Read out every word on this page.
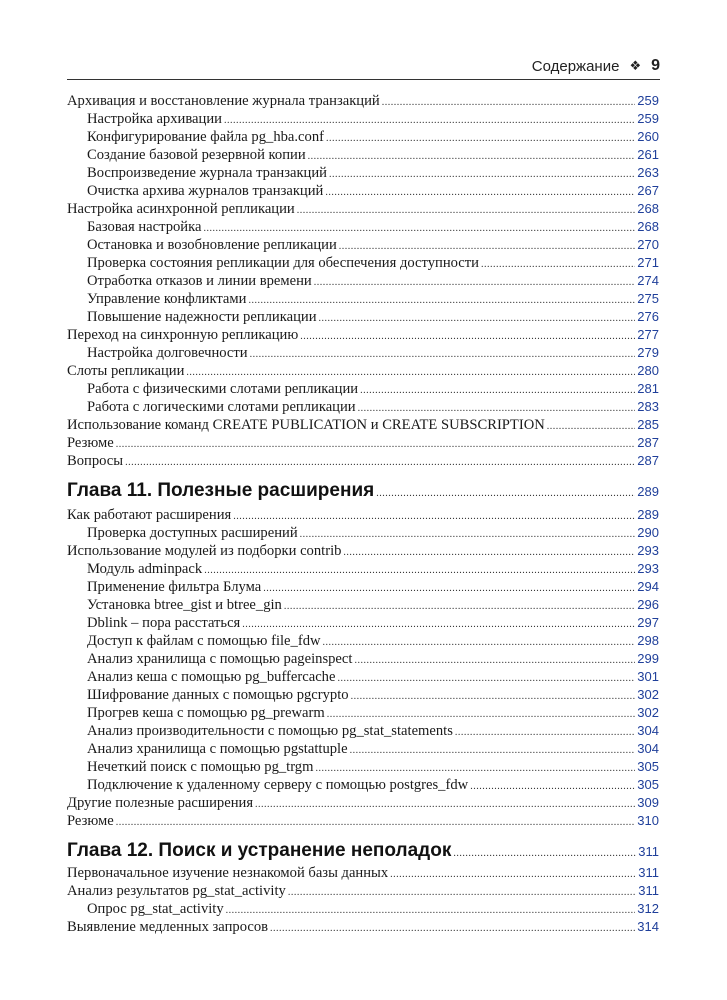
Содержание ❖ 9
Архивация и восстановление журнала транзакций .....	259
Настройка архивации .....	259
Конфигурирование файла pg_hba.conf .....	260
Создание базовой резервной копии .....	261
Воспроизведение журнала транзакций .....	263
Очистка архива журналов транзакций .....	267
Настройка асинхронной репликации .....	268
Базовая настройка .....	268
Остановка и возобновление репликации .....	270
Проверка состояния репликации для обеспечения доступности .....	271
Отработка отказов и линии времени .....	274
Управление конфликтами .....	275
Повышение надежности репликации .....	276
Переход на синхронную репликацию .....	277
Настройка долговечности .....	279
Слоты репликации .....	280
Работа с физическими слотами репликации .....	281
Работа с логическими слотами репликации .....	283
Использование команд CREATE PUBLICATION и CREATE SUBSCRIPTION .....	285
Резюме .....	287
Вопросы .....	287
Глава 11. Полезные расширения .....	289
Как работают расширения .....	289
Проверка доступных расширений .....	290
Использование модулей из подборки contrib .....	293
Модуль adminpack .....	293
Применение фильтра Блума .....	294
Установка btree_gist и btree_gin .....	296
Dblink – пора расстаться .....	297
Доступ к файлам с помощью file_fdw .....	298
Анализ хранилища с помощью pageinspect .....	299
Анализ кеша с помощью pg_buffercache .....	301
Шифрование данных с помощью pgcrypto .....	302
Прогрев кеша с помощью pg_prewarm .....	302
Анализ производительности с помощью pg_stat_statements .....	304
Анализ хранилища с помощью pgstattuple .....	304
Нечеткий поиск с помощью pg_trgm .....	305
Подключение к удаленному серверу с помощью postgres_fdw .....	305
Другие полезные расширения .....	309
Резюме .....	310
Глава 12. Поиск и устранение неполадок .....	311
Первоначальное изучение незнакомой базы данных .....	311
Анализ результатов pg_stat_activity .....	311
Опрос pg_stat_activity .....	312
Выявление медленных запросов .....	314
